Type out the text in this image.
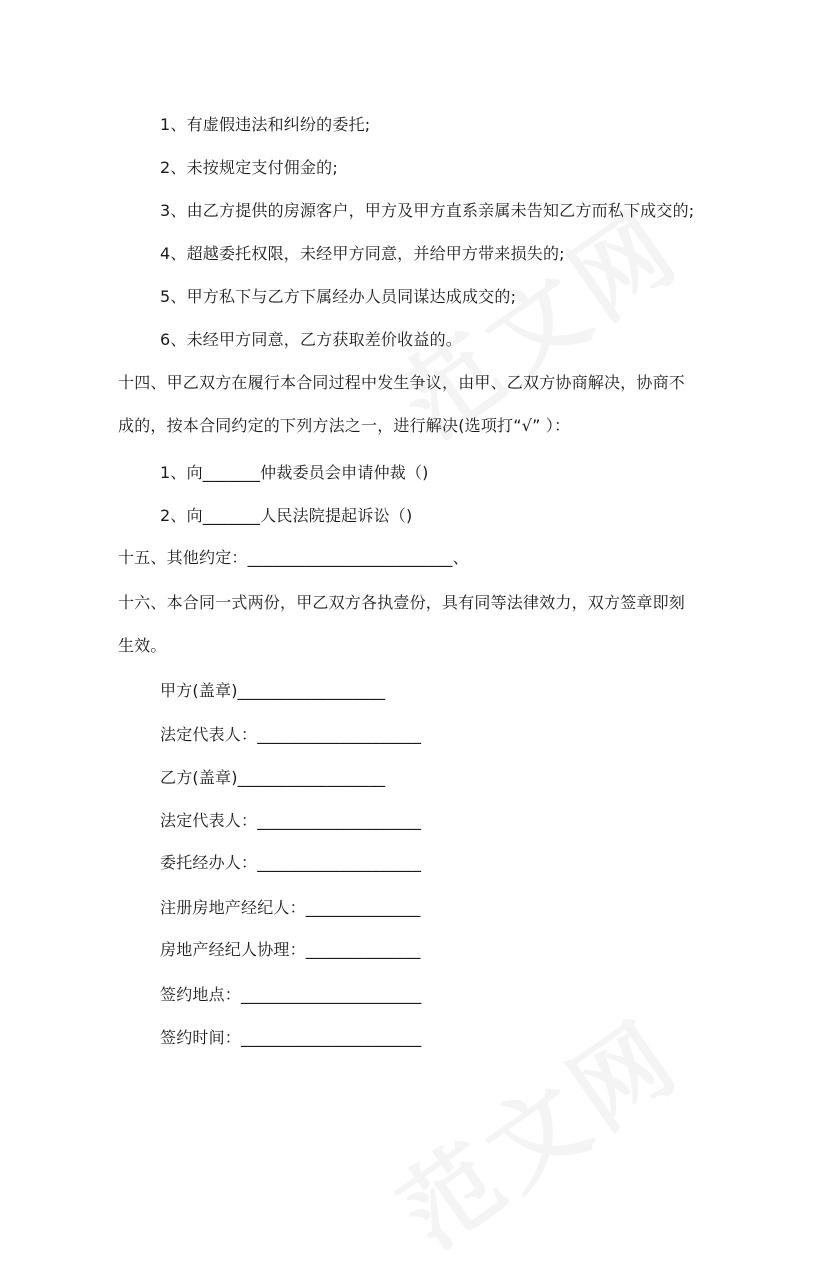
1、有虚假违法和纠纷的委托;
2、未按规定支付佣金的;
3、由乙方提供的房源客户，甲方及甲方直系亲属未告知乙方而私下成交的;
4、超越委托权限，未经甲方同意，并给甲方带来损失的;
5、甲方私下与乙方下属经办人员同谋达成成交的;
6、未经甲方同意，乙方获取差价收益的。
十四、甲乙双方在履行本合同过程中发生争议，由甲、乙双方协商解决，协商不
成的，按本合同约定的下列方法之一，进行解决(选项打“√” ）：
1、向_______仲裁委员会申请仲裁（)
2、向_______人民法院提起诉讼（)
十五、其他约定：_________________________、
十六、本合同一式两份，甲乙双方各执壹份，具有同等法律效力，双方签章即刻
生效。
甲方(盖章)__________________
法定代表人：____________________
乙方(盖章)__________________
法定代表人：____________________
委托经办人：____________________
注册房地产经纪人：______________
房地产经纪人协理：______________
签约地点：______________________
签约时间：______________________
